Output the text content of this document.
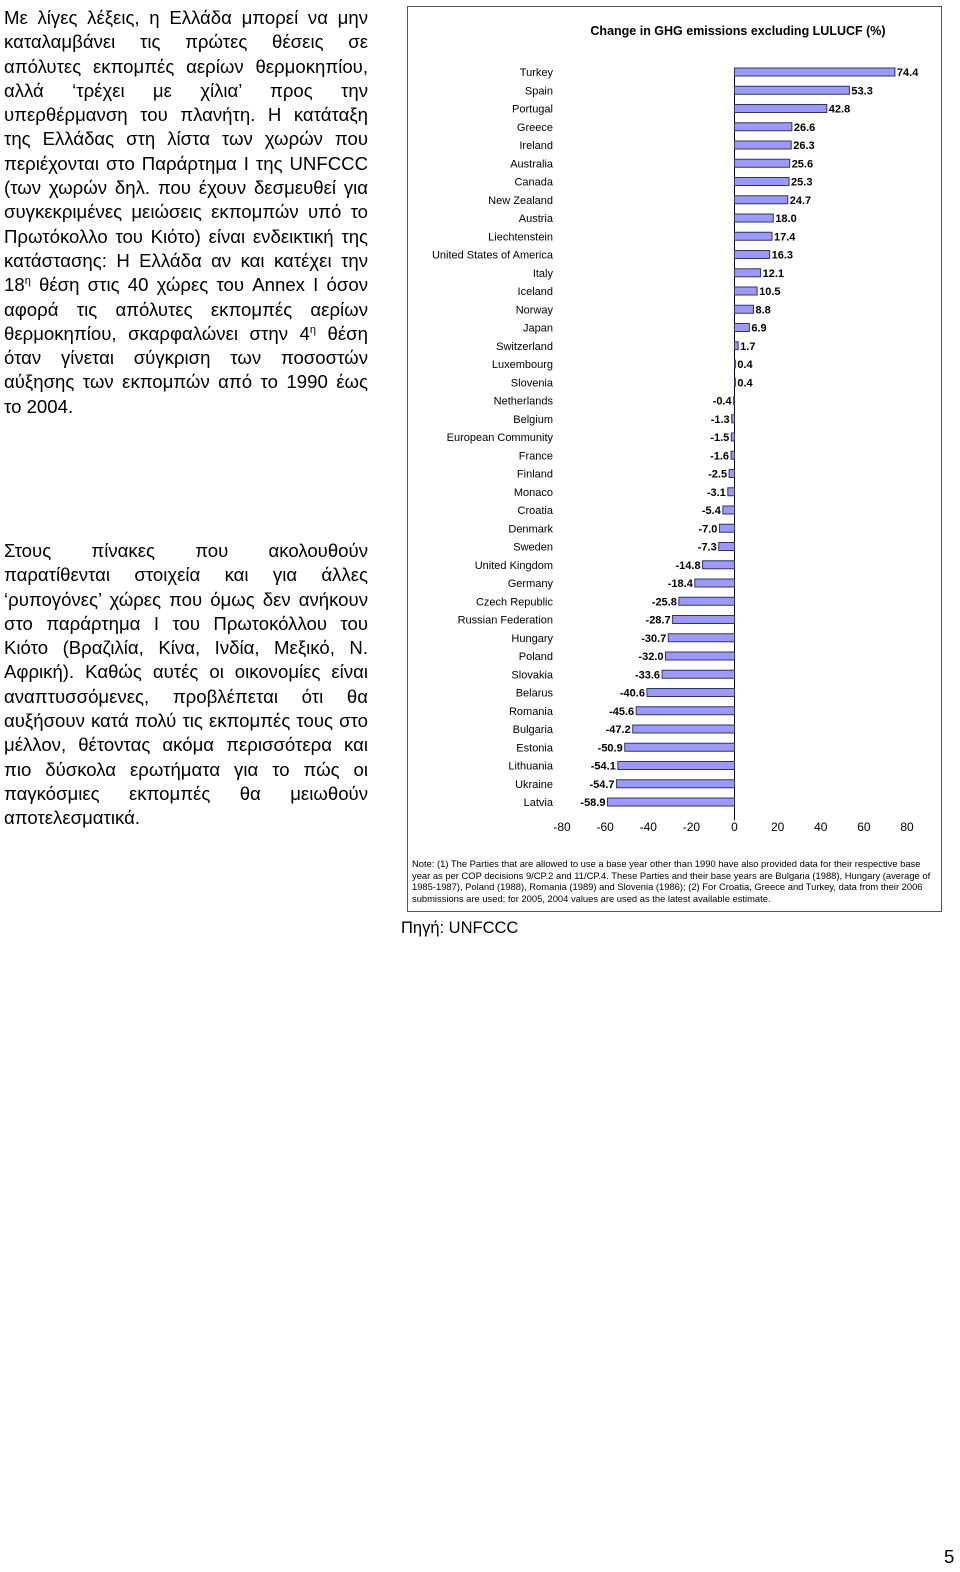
Με λίγες λέξεις, η Ελλάδα μπορεί να μην καταλαμβάνει τις πρώτες θέσεις σε απόλυτες εκπομπές αερίων θερμοκηπίου, αλλά ‘τρέχει με χίλια’ προς την υπερθέρμανση του πλανήτη. Η κατάταξη της Ελλάδας στη λίστα των χωρών που περιέχονται στο Παράρτημα Ι της UNFCCC (των χωρών δηλ. που έχουν δεσμευθεί για συγκεκριμένες μειώσεις εκπομπών υπό το Πρωτόκολλο του Κιότο) είναι ενδεικτική της κατάστασης: Η Ελλάδα αν και κατέχει την $18^\eta$ θέση στις 40 χώρες του Annex I όσον αφορά τις απόλυτες εκπομπές αερίων θερμοκηπίου, σκαρφαλώνει στην $4^\eta$ θέση όταν γίνεται σύγκριση των ποσοστών αύξησης των εκπομπών από το 1990 έως το 2004.

Στους πίνακες που ακολουθούν παρατίθενται στοιχεία και για άλλες ‘ρυπογόνες’ χώρες που όμως δεν ανήκουν στο παράρτημα Ι του Πρωτοκόλλου του Κιότο (Βραζιλία, Κίνα, Ινδία, Μεξικό, Ν. Αφρική). Καθώς αυτές οι οικονομίες είναι αναπτυσσόμενες, προβλέπεται ότι θα αυξήσουν κατά πολύ τις εκπομπές τους στο μέλλον, θέτοντας ακόμα περισσότερα και πιο δύσκολα ερωτήματα για το πώς οι παγκόσμιες εκπομπές θα μειωθούν αποτελεσματικά.

Change in GHG emissions excluding LULUCF (%)
Turkey	74.4
Spain	53.3
Portugal	42.8
Greece	26.6
Ireland	26.3
Australia	25.6
Canada	25.3
New Zealand	24.7
Austria	18.0
Liechtenstein	17.4
United States of America	16.3
Italy	12.1
Iceland	10.5
Norway	8.8
Japan	6.9
Switzerland	1.7
Luxembourg	0.4
Slovenia	0.4
Netherlands	-0.4
Belgium	-1.3
European Community	-1.5
France	-1.6
Finland	-2.5
Monaco	-3.1
Croatia	-5.4
Denmark	-7.0
Sweden	-7.3
United Kingdom	-14.8
Germany	-18.4
Czech Republic	-25.8
Russian Federation	-28.7
Hungary	-30.7
Poland	-32.0
Slovakia	-33.6
Belarus	-40.6
Romania	-45.6
Bulgaria	-47.2
Estonia	-50.9
Lithuania	-54.1
Ukraine	-54.7
Latvia -58.9
-80 -60 -40 -20	0	20 40 60 80

Note: (1) The Parties that are allowed to use a base year other than 1990 have also provided data for their respective base year as per COP decisions 9/CP.2 and 11/CP.4. These Parties and their base years are Bulgaria (1988), Hungary (average of 1985-1987), Poland (1988), Romania (1989) and Slovenia (1986); (2) For Croatia, Greece and Turkey, data from their 2006 submissions are used; for 2005, 2004 values are used as the latest available estimate.

Πηγή: UNFCCC

5
